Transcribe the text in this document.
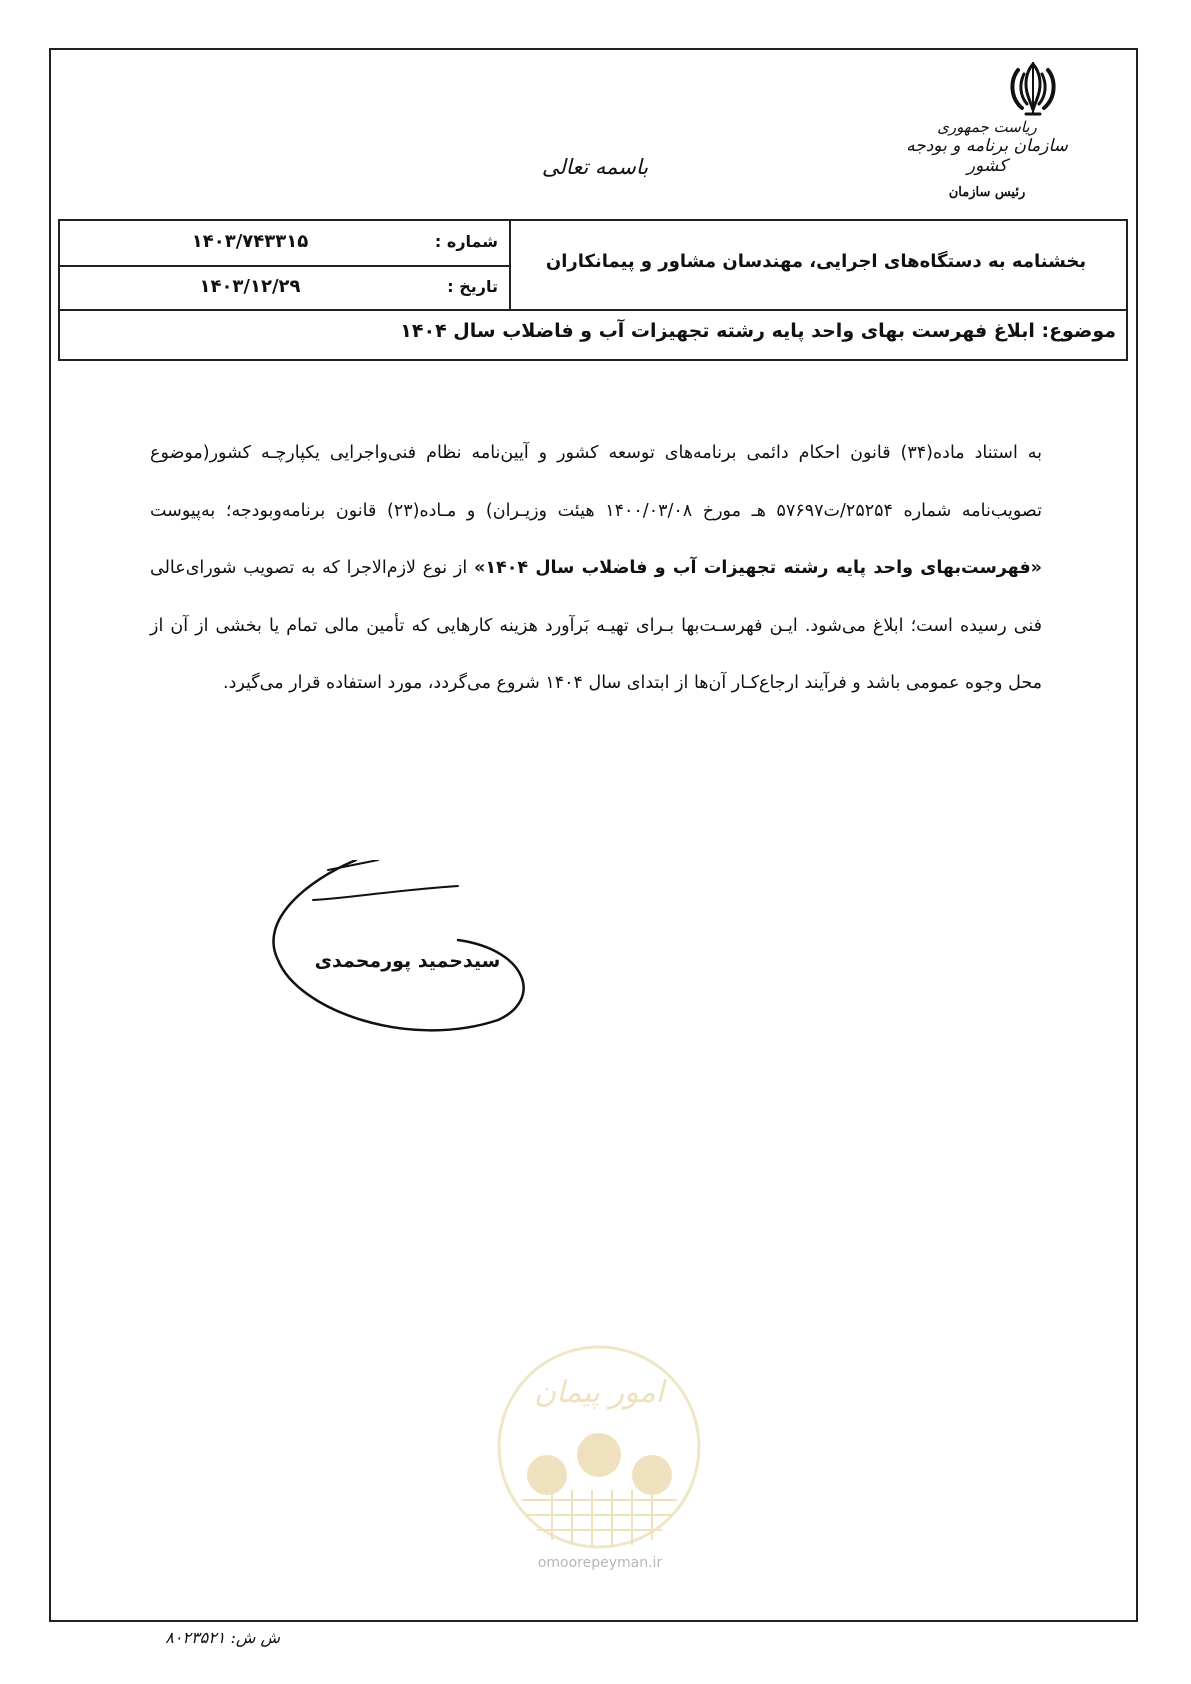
ریاست جمهوری
سازمان برنامه و بودجه کشور
رئیس سازمان
باسمه تعالی
شماره :
۱۴۰۳/۷۴۳۳۱۵
تاریخ :
۱۴۰۳/۱۲/۲۹
بخشنامه به دستگاه‌های اجرایی، مهندسان مشاور و پیمانکاران
موضوع: ابلاغ فهرست بهای واحد پایه رشته تجهیزات آب و فاضلاب سال ۱۴۰۴
به استناد ماده(۳۴) قانون احکام دائمی برنامه‌های توسعه کشور و آیین‌نامه نظام فنی‌واجرایی یکپارچـه کشور(موضوع تصویب‌نامه شماره ۲۵۲۵۴/ت۵۷۶۹۷ هـ مورخ ۱۴۰۰/۰۳/۰۸ هیئت وزیـران) و مـاده(۲۳) قانون برنامه‌وبودجه؛ به‌پیوست «فهرست‌بهای واحد پایه رشته تجهیزات آب و فاضلاب سال ۱۴۰۴» از نوع لازم‌الاجرا که به تصویب شورای‌عالی فنی رسیده است؛ ابلاغ می‌شود. ایـن فهرسـت‌بها بـرای تهیـه بَرآورد هزینه کارهایی که تأمین مالی تمام یا بخشی از آن از محل وجوه عمومی باشد و فرآیند ارجاع‌کـار آن‌ها از ابتدای سال ۱۴۰۴ شروع می‌گردد، مورد استفاده قرار می‌گیرد.
سیدحمید پورمحمدی
امور پیمان
omoorepeyman.ir
ش ش: ۸۰۲۳۵۲۱
